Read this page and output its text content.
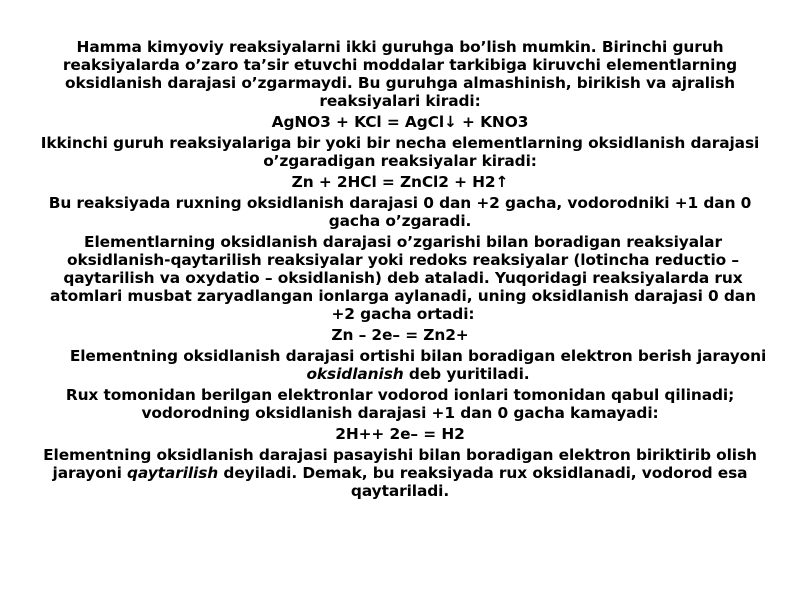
Hamma kimyoviy reaksiyalarni ikki guruhga bo’lish mumkin. Birinchi guruh reaksiyalarda o’zaro ta’sir etuvchi moddalar tarkibiga kiruvchi elementlarning oksidlanish darajasi o’zgarmaydi. Bu guruhga almashinish, birikish va ajralish reaksiyalari kiradi:

AgNO3 + KCl = AgCl↓ + KNO3

Ikkinchi guruh reaksiyalariga bir yoki bir necha elementlarning oksidlanish darajasi o’zgaradigan reaksiyalar kiradi:

Zn + 2HCl = ZnCl2 + H2↑

Bu reaksiyada ruxning oksidlanish darajasi 0 dan +2 gacha, vodorodniki +1 dan 0 gacha o’zgaradi.

Elementlarning oksidlanish darajasi o’zgarishi bilan boradigan reaksiyalar oksidlanish-qaytarilish reaksiyalar yoki redoks reaksiyalar (lotincha reductio – qaytarilish va oxydatio – oksidlanish) deb ataladi. Yuqoridagi reaksiyalarda rux atomlari musbat zaryadlangan ionlarga aylanadi, uning oksidlanish darajasi 0 dan +2 gacha ortadi:

Zn – 2e– = Zn2+

Elementning oksidlanish darajasi ortishi bilan boradigan elektron berish jarayoni oksidlanish deb yuritiladi.

Rux tomonidan berilgan elektronlar vodorod ionlari tomonidan qabul qilinadi; vodorodning oksidlanish darajasi +1 dan 0 gacha kamayadi:

2H++ 2e– = H2

Elementning oksidlanish darajasi pasayishi bilan boradigan elektron biriktirib olish jarayoni qaytarilish deyiladi. Demak, bu reaksiyada rux oksidlanadi, vodorod esa qaytariladi.
